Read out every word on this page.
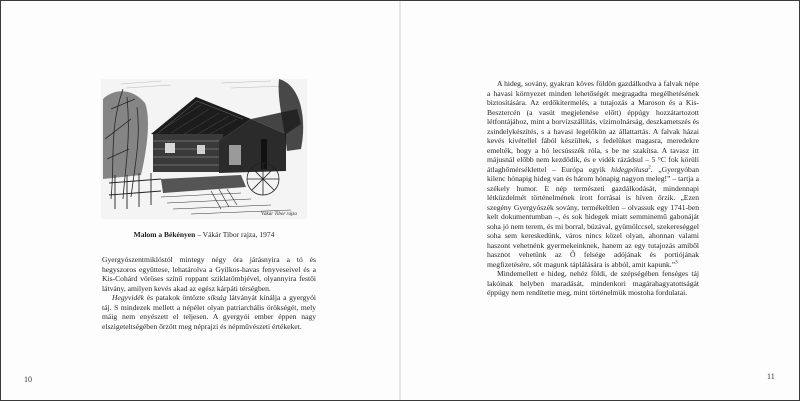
Vákár Tibor rajza
Malom a Békényen – Vákár Tibor rajza, 1974

Gyergyószentmiklóstól mintegy négy óra járásnyira a tó és hegyszoros együttese, lehatárolva a Gyilkos-havas fenyveseivel és a Kis-Cohárd vöröses színű roppant sziklatömbjével, olyannyira festői látvány, amilyen kevés akad az egész kárpáti térségben.

Hegyvidék és patakok öntözte síkság látványát kínálja a gyergyói táj. S mindezek mellett a népélet olyan patriarchális örökségét, mely máig nem enyészett el teljesen. A gyergyói ember éppen nagy elszigeteltségében őrzött meg néprajzi és népművészeti értékeket.

10

A hideg, sovány, gyakran köves földön gazdálkodva a falvak népe a havasi környezet minden lehetőségét megragadta megélhetésének biztosítására. Az erdőkitermelés, a tutajozás a Maroson és a Kis-Besztercén (a vasút megjelenése előtt) éppúgy hozzátartozott létfontájához, mint a borvízszállítás, vízimolnárság, deszkametszés és zsindelykészítés, s a havasi legelőkön az állattartás. A falvak házai kevés kivétellel fából készültek, s fedelüket magasra, meredekre emelték, hogy a hó lecsússzék róla, s be ne szakítsa. A tavasz itt májusnál előbb nem kezdődik, és e vidék rázádsul – 5 °C fok körüli átlaghőmérséklettel – Európa egyik hidegpólusa$^2$. „Gyergyóban kilenc hónapig hideg van és három hónapig nagyon meleg!” – tartja a székely humor. E nép természeti gazdálkodását, mindennapi létküzdelmét történelmének írott forrásai is híven őrzik. „Ezen szegény Gyergyószék sovány, termékeltlen – olvassuk egy 1741-ben kelt dokumentumban –, és sok hidegek miatt semminemű gabonáját soha jó nem terem, és mi borral, búzával, gyümölccsel, szekereséggel soha sem kereskedünk, város nincs közel olyan, ahonnan valami haszont vehetnénk gyermekeinknek, hanem az egy tutajozás amiből hasznot vehetünk az Ő felsége adójának és portiójának megfizetésére, sőt magunk táplálására is abból, amit kapunk.”$^3$

Mindemellett e hideg, nehéz földi, de szépségében fenséges táj lakóinak helyben maradását, mindenkori magárahagyatottságát éppúgy nem rendítette meg, mint történelmük mostoha fordulatai.

11
